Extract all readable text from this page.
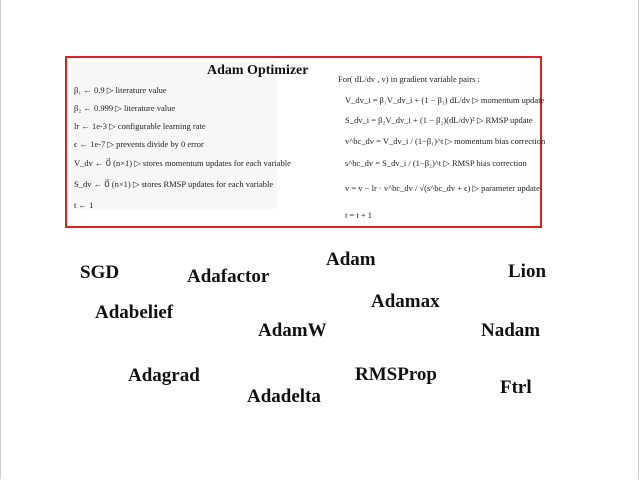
β₁ ← 0.9 ▷ literature value
β₂ ← 0.999 ▷ literature value
lr ← 1e-3 ▷ configurable learning rate
ϵ ← 1e-7 ▷ prevents divide by 0 error
V_dv ← 0⃗ (n×1) ▷ stores momentum updates for each variable
S_dv ← 0⃗ (n×1) ▷ stores RMSP updates for each variable
t ← 1
Adam Optimizer
For( dL/dv , v) in gradient variable pairs :
V_dv_i = β₁V_dv_i + (1 − β₁) dL/dv ▷ momentum update
S_dv_i = β₂V_dv_i + (1 − β₂)(dL/dv)² ▷ RMSP update
v^bc_dv = V_dv_i / (1−β₁)^t ▷ momentum bias correction
s^bc_dv = S_dv_i / (1−β₂)^t ▷ RMSP bias correction
v = v − lr · v^bc_dv / √(s^bc_dv + ϵ) ▷ parameter update
t = t + 1
SGD	Adafactor
Adam
Lion
Adamax
Adabelief
AdamW	Nadam
Adagrad	RMSProp
Adadelta	Ftrl
